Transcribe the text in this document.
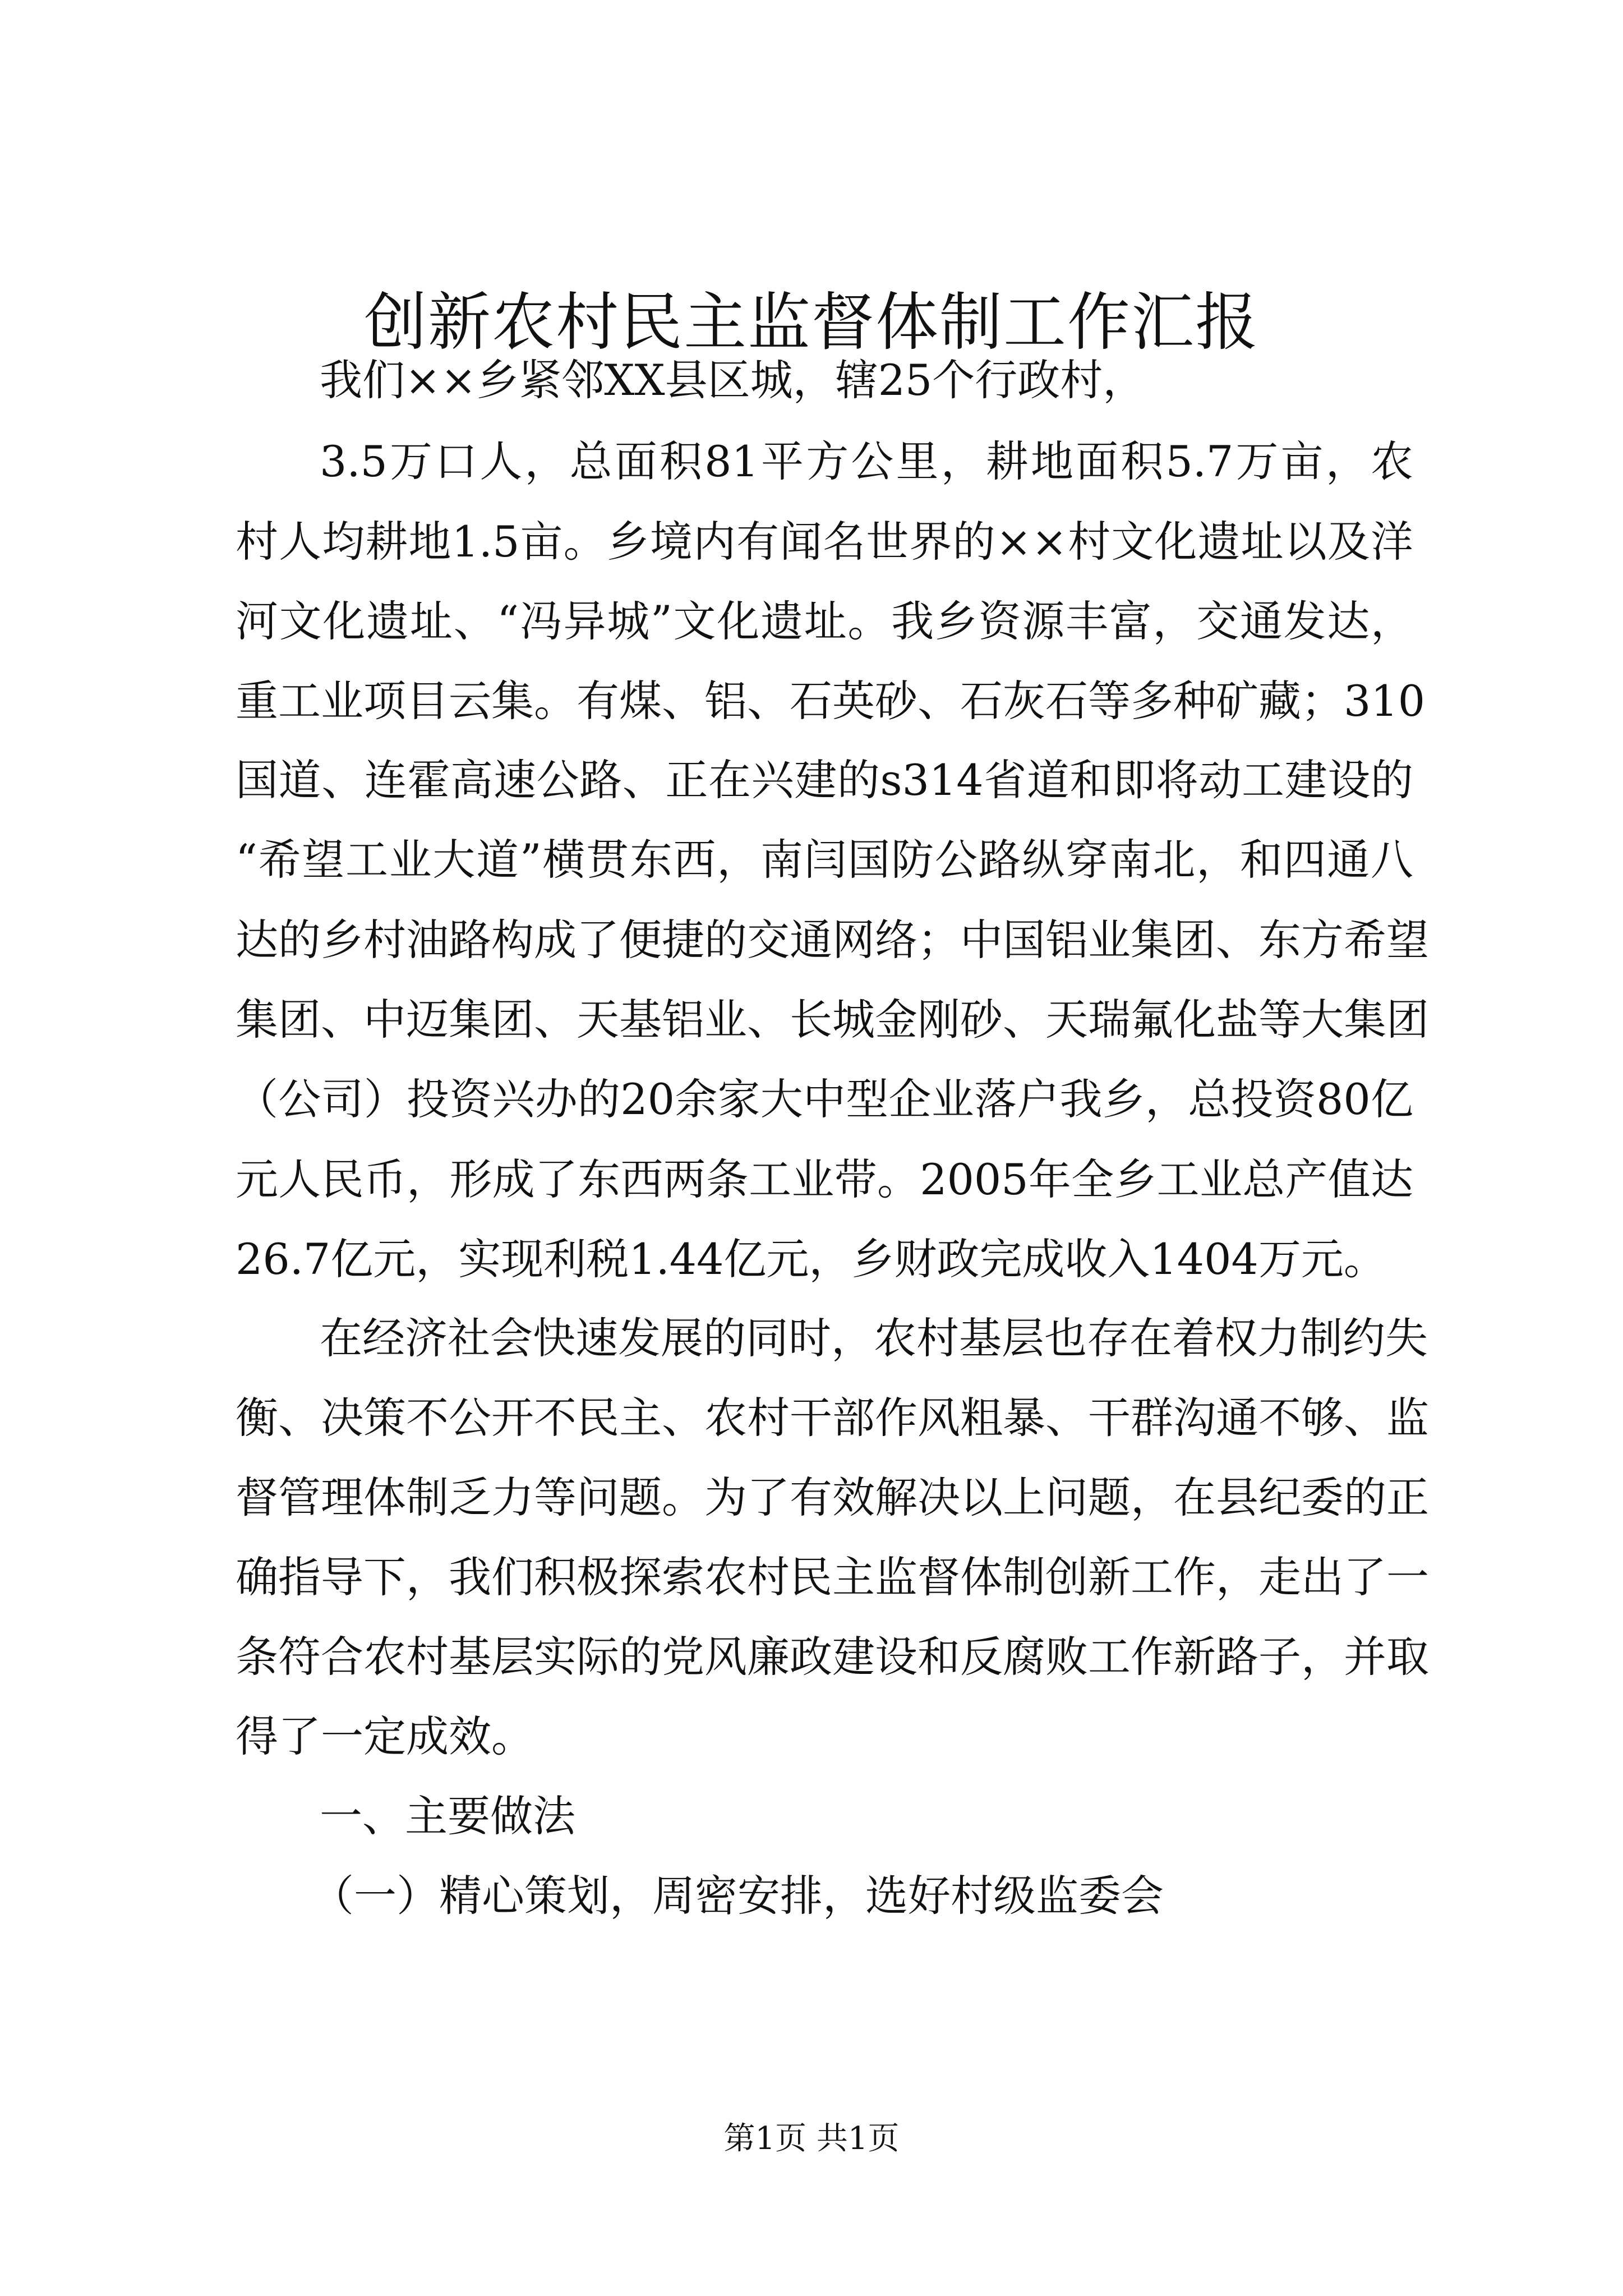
创新农村民主监督体制工作汇报

我们××乡紧邻XX县区城，辖25个行政村，

3.5万口人，总面积81平方公里，耕地面积5.7万亩，农

村人均耕地1.5亩。乡境内有闻名世界的××村文化遗址以及洋

河文化遗址、“冯异城”文化遗址。我乡资源丰富，交通发达，

重工业项目云集。有煤、铝、石英砂、石灰石等多种矿藏；310

国道、连霍高速公路、正在兴建的s314省道和即将动工建设的

“希望工业大道”横贯东西，南闫国防公路纵穿南北，和四通八

达的乡村油路构成了便捷的交通网络；中国铝业集团、东方希望

集团、中迈集团、天基铝业、长城金刚砂、天瑞氟化盐等大集团

（公司）投资兴办的20余家大中型企业落户我乡，总投资80亿

元人民币，形成了东西两条工业带。2005年全乡工业总产值达

26.7亿元，实现利税1.44亿元，乡财政完成收入1404万元。

在经济社会快速发展的同时，农村基层也存在着权力制约失

衡、决策不公开不民主、农村干部作风粗暴、干群沟通不够、监

督管理体制乏力等问题。为了有效解决以上问题，在县纪委的正

确指导下，我们积极探索农村民主监督体制创新工作，走出了一

条符合农村基层实际的党风廉政建设和反腐败工作新路子，并取

得了一定成效。

一、主要做法

（一）精心策划，周密安排，选好村级监委会

第1页 共1页
